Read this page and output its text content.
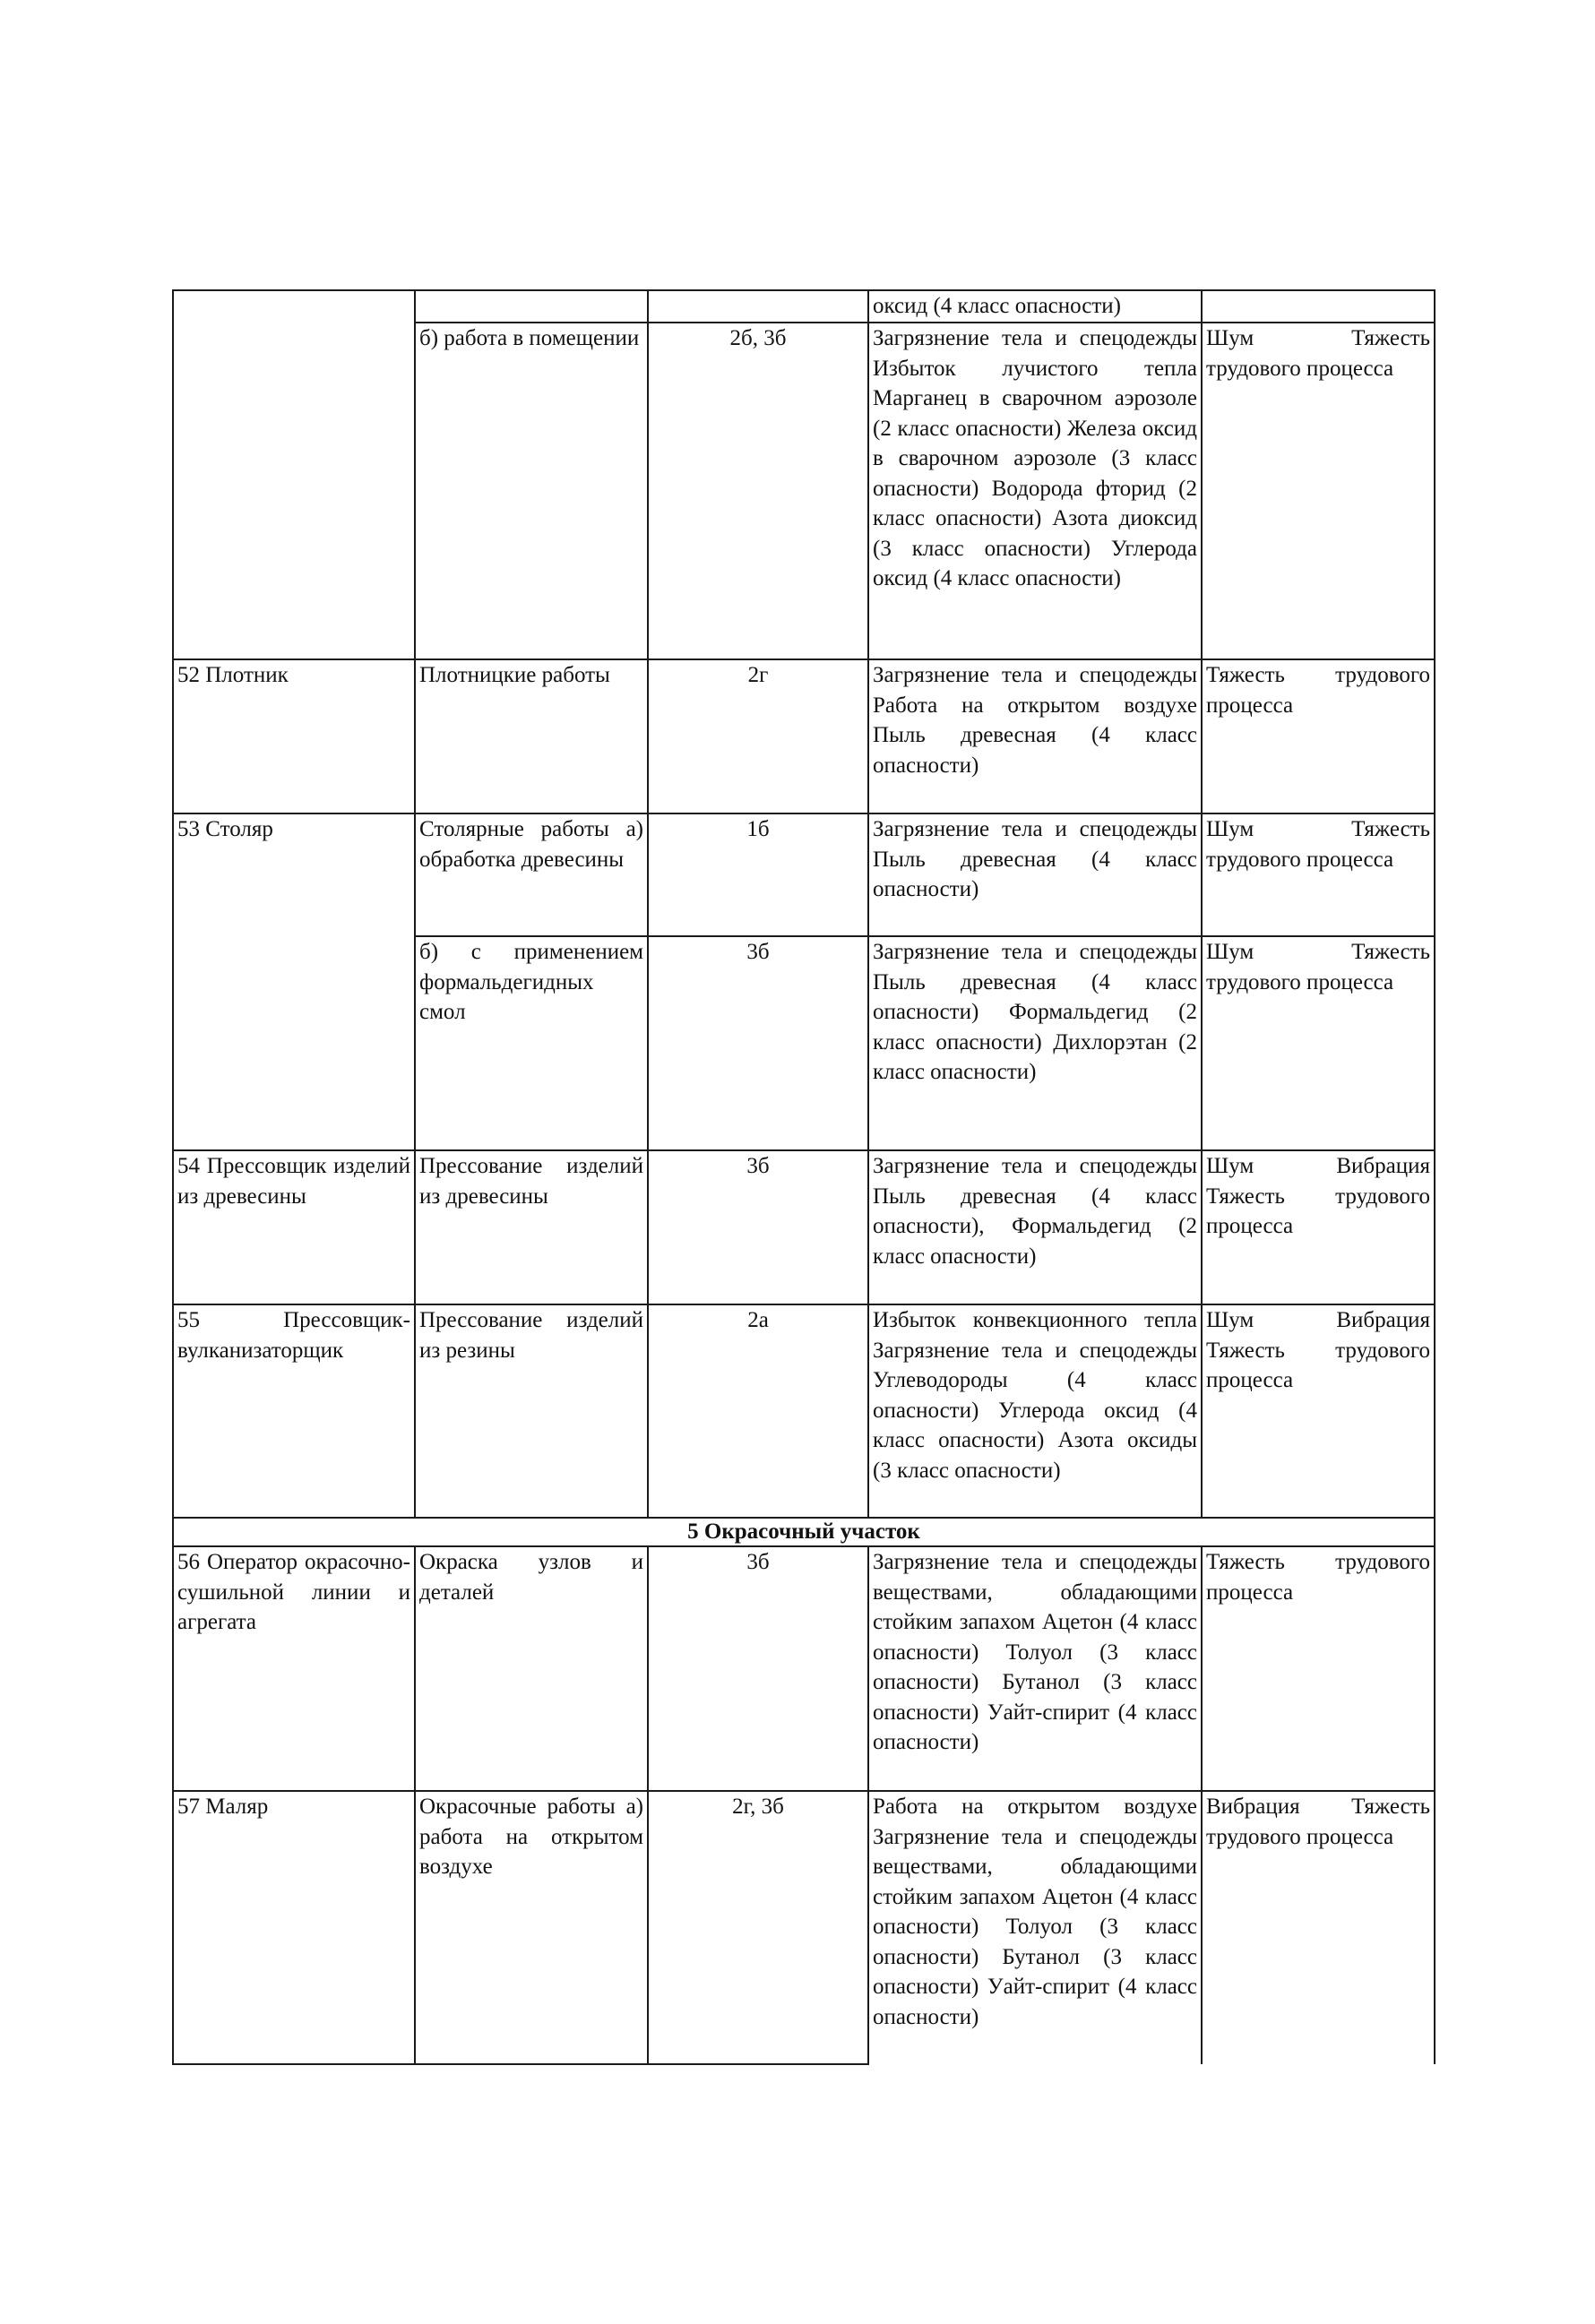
			оксид (4 класс опасности)	
	б) работа в помещении	2б, 3б	Загрязнение тела и спецодежды Избыток лучистого тепла Марганец в сварочном аэрозоле (2 класс опасности) Железа оксид в сварочном аэрозоле (3 класс опасности) Водорода фторид (2 класс опасности) Азота диоксид (3 класс опасности) Углерода оксид (4 класс опасности)	Шум Тяжесть трудового процесса
52 Плотник	Плотницкие работы	2г	Загрязнение тела и спецодежды Работа на открытом воздухе Пыль древесная (4 класс опасности)	Тяжесть трудового процесса
53 Столяр	Столярные работы а) обработка древесины	1б	Загрязнение тела и спецодежды Пыль древесная (4 класс опасности)	Шум Тяжесть трудового процесса
	б) с применением формальдегидных смол	3б	Загрязнение тела и спецодежды Пыль древесная (4 класс опасности) Формальдегид (2 класс опасности) Дихлорэтан (2 класс опасности)	Шум Тяжесть трудового процесса
54 Прессовщик изделий из древесины	Прессование изделий из древесины	3б	Загрязнение тела и спецодежды Пыль древесная (4 класс опасности), Формальдегид (2 класс опасности)	Шум Вибрация Тяжесть трудового процесса
55 Прессовщик-вулканизаторщик	Прессование изделий из резины	2а	Избыток конвекционного тепла Загрязнение тела и спецодежды Углеводороды (4 класс опасности) Углерода оксид (4 класс опасности) Азота оксиды (3 класс опасности)	Шум Вибрация Тяжесть трудового процесса
5 Окрасочный участок				
56 Оператор окрасочно-сушильной линии и агрегата	Окраска узлов и деталей	3б	Загрязнение тела и спецодежды веществами, обладающими стойким запахом Ацетон (4 класс опасности) Толуол (3 класс опасности) Бутанол (3 класс опасности) Уайт-спирит (4 класс опасности)	Тяжесть трудового процесса
57 Маляр	Окрасочные работы а) работа на открытом воздухе	2г, 3б	Работа на открытом воздухе Загрязнение тела и спецодежды веществами, обладающими стойким запахом Ацетон (4 класс опасности) Толуол (3 класс опасности) Бутанол (3 класс опасности) Уайт-спирит (4 класс опасности)	Вибрация Тяжесть трудового процесса
